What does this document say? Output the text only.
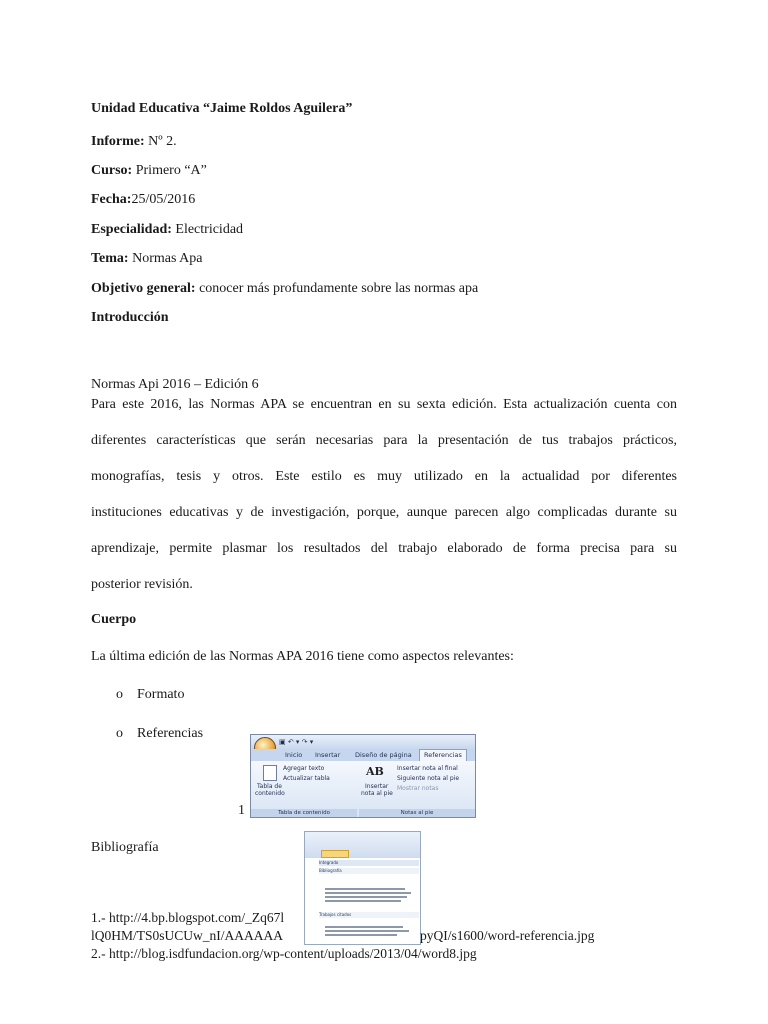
Unidad Educativa “Jaime Roldos Aguilera”
Informe: Nº 2.
Curso: Primero “A”
Fecha:25/05/2016
Especialidad: Electricidad
Tema: Normas Apa
Objetivo general: conocer más profundamente sobre las normas apa
Introducción
Normas Api 2016 – Edición 6
Para este 2016, las Normas APA se encuentran en su sexta edición. Esta actualización cuenta con
diferentes características que serán necesarias para la presentación de tus trabajos prácticos,
monografías, tesis y otros. Este estilo es muy utilizado en la actualidad por diferentes
instituciones educativas y de investigación, porque, aunque parecen algo complicadas durante su
aprendizaje, permite plasmar los resultados del trabajo elaborado de forma precisa para su
posterior revisión.
Cuerpo
La última edición de las Normas APA 2016 tiene como aspectos relevantes:
o Formato
o Referencias
▣ ↶ ▾ ↷ ▾
Inicio Insertar Diseño de página	Referencias
Tabla de
contenido
Agregar texto
Actualizar tabla
AB
Insertar
nota al pie
Insertar nota al final
Siguiente nota al pie
Mostrar notas
Tabla de contenido	Notas al pie
1
Bibliografía
Integrado
Bibliografía
Trabajos citados
1.- http://4.bp.blogspot.com/_Zq67l
lQ0HM/TS0sUCUw_nI/AAAAAA	pyQI/s1600/word-referencia.jpg
2.- http://blog.isdfundacion.org/wp-content/uploads/2013/04/word8.jpg
